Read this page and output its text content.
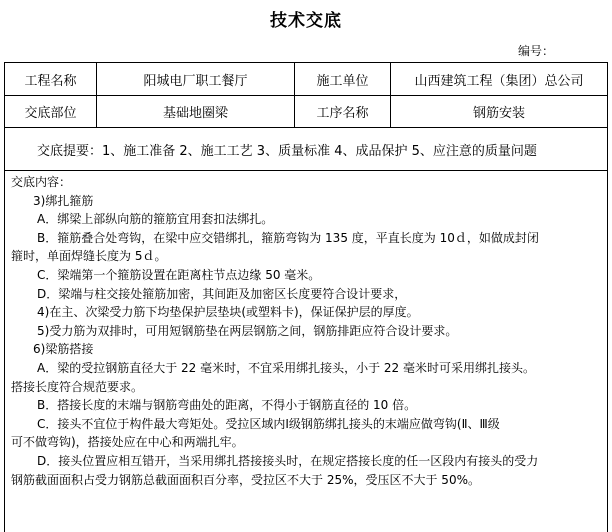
技术交底
编号：
工程名称	阳城电厂职工餐厅	施工单位	山西建筑工程（集团）总公司
交底部位	基础地圈梁	工序名称	钢筋安装
交底提要：1、施工准备 2、施工工艺 3、质量标准 4、成品保护 5、应注意的质量问题

交底内容：

3)绑扎箍筋

A．绑梁上部纵向筋的箍筋宜用套扣法绑扎。

B．箍筋叠合处弯钩，在梁中应交错绑扎，箍筋弯钩为 135 度，平直长度为 10ｄ，如做成封闭

箍时，单面焊缝长度为 5ｄ。

C．梁端第一个箍筋设置在距离柱节点边缘 50 毫米。

D．梁端与柱交接处箍筋加密，其间距及加密区长度要符合设计要求，

4)在主、次梁受力筋下均垫保护层垫块(或塑料卡)，保证保护层的厚度。

5)受力筋为双排时，可用短钢筋垫在两层钢筋之间，钢筋排距应符合设计要求。

6)梁筋搭接

A．梁的受拉钢筋直径大于 22 毫米时，不宜采用绑扎接头，小于 22 毫米时可采用绑扎接头。

搭接长度符合规范要求。

B．搭接长度的末端与钢筋弯曲处的距离，不得小于钢筋直径的 10 倍。

C．接头不宜位于构件最大弯矩处。受拉区域内Ⅰ级钢筋绑扎接头的末端应做弯钩(Ⅱ、Ⅲ级

可不做弯钩)，搭接处应在中心和两端扎牢。

D．接头位置应相互错开，当采用绑扎搭接接头时，在规定搭接长度的任一区段内有接头的受力

钢筋截面面积占受力钢筋总截面面积百分率，受拉区不大于 25%，受压区不大于 50%。
